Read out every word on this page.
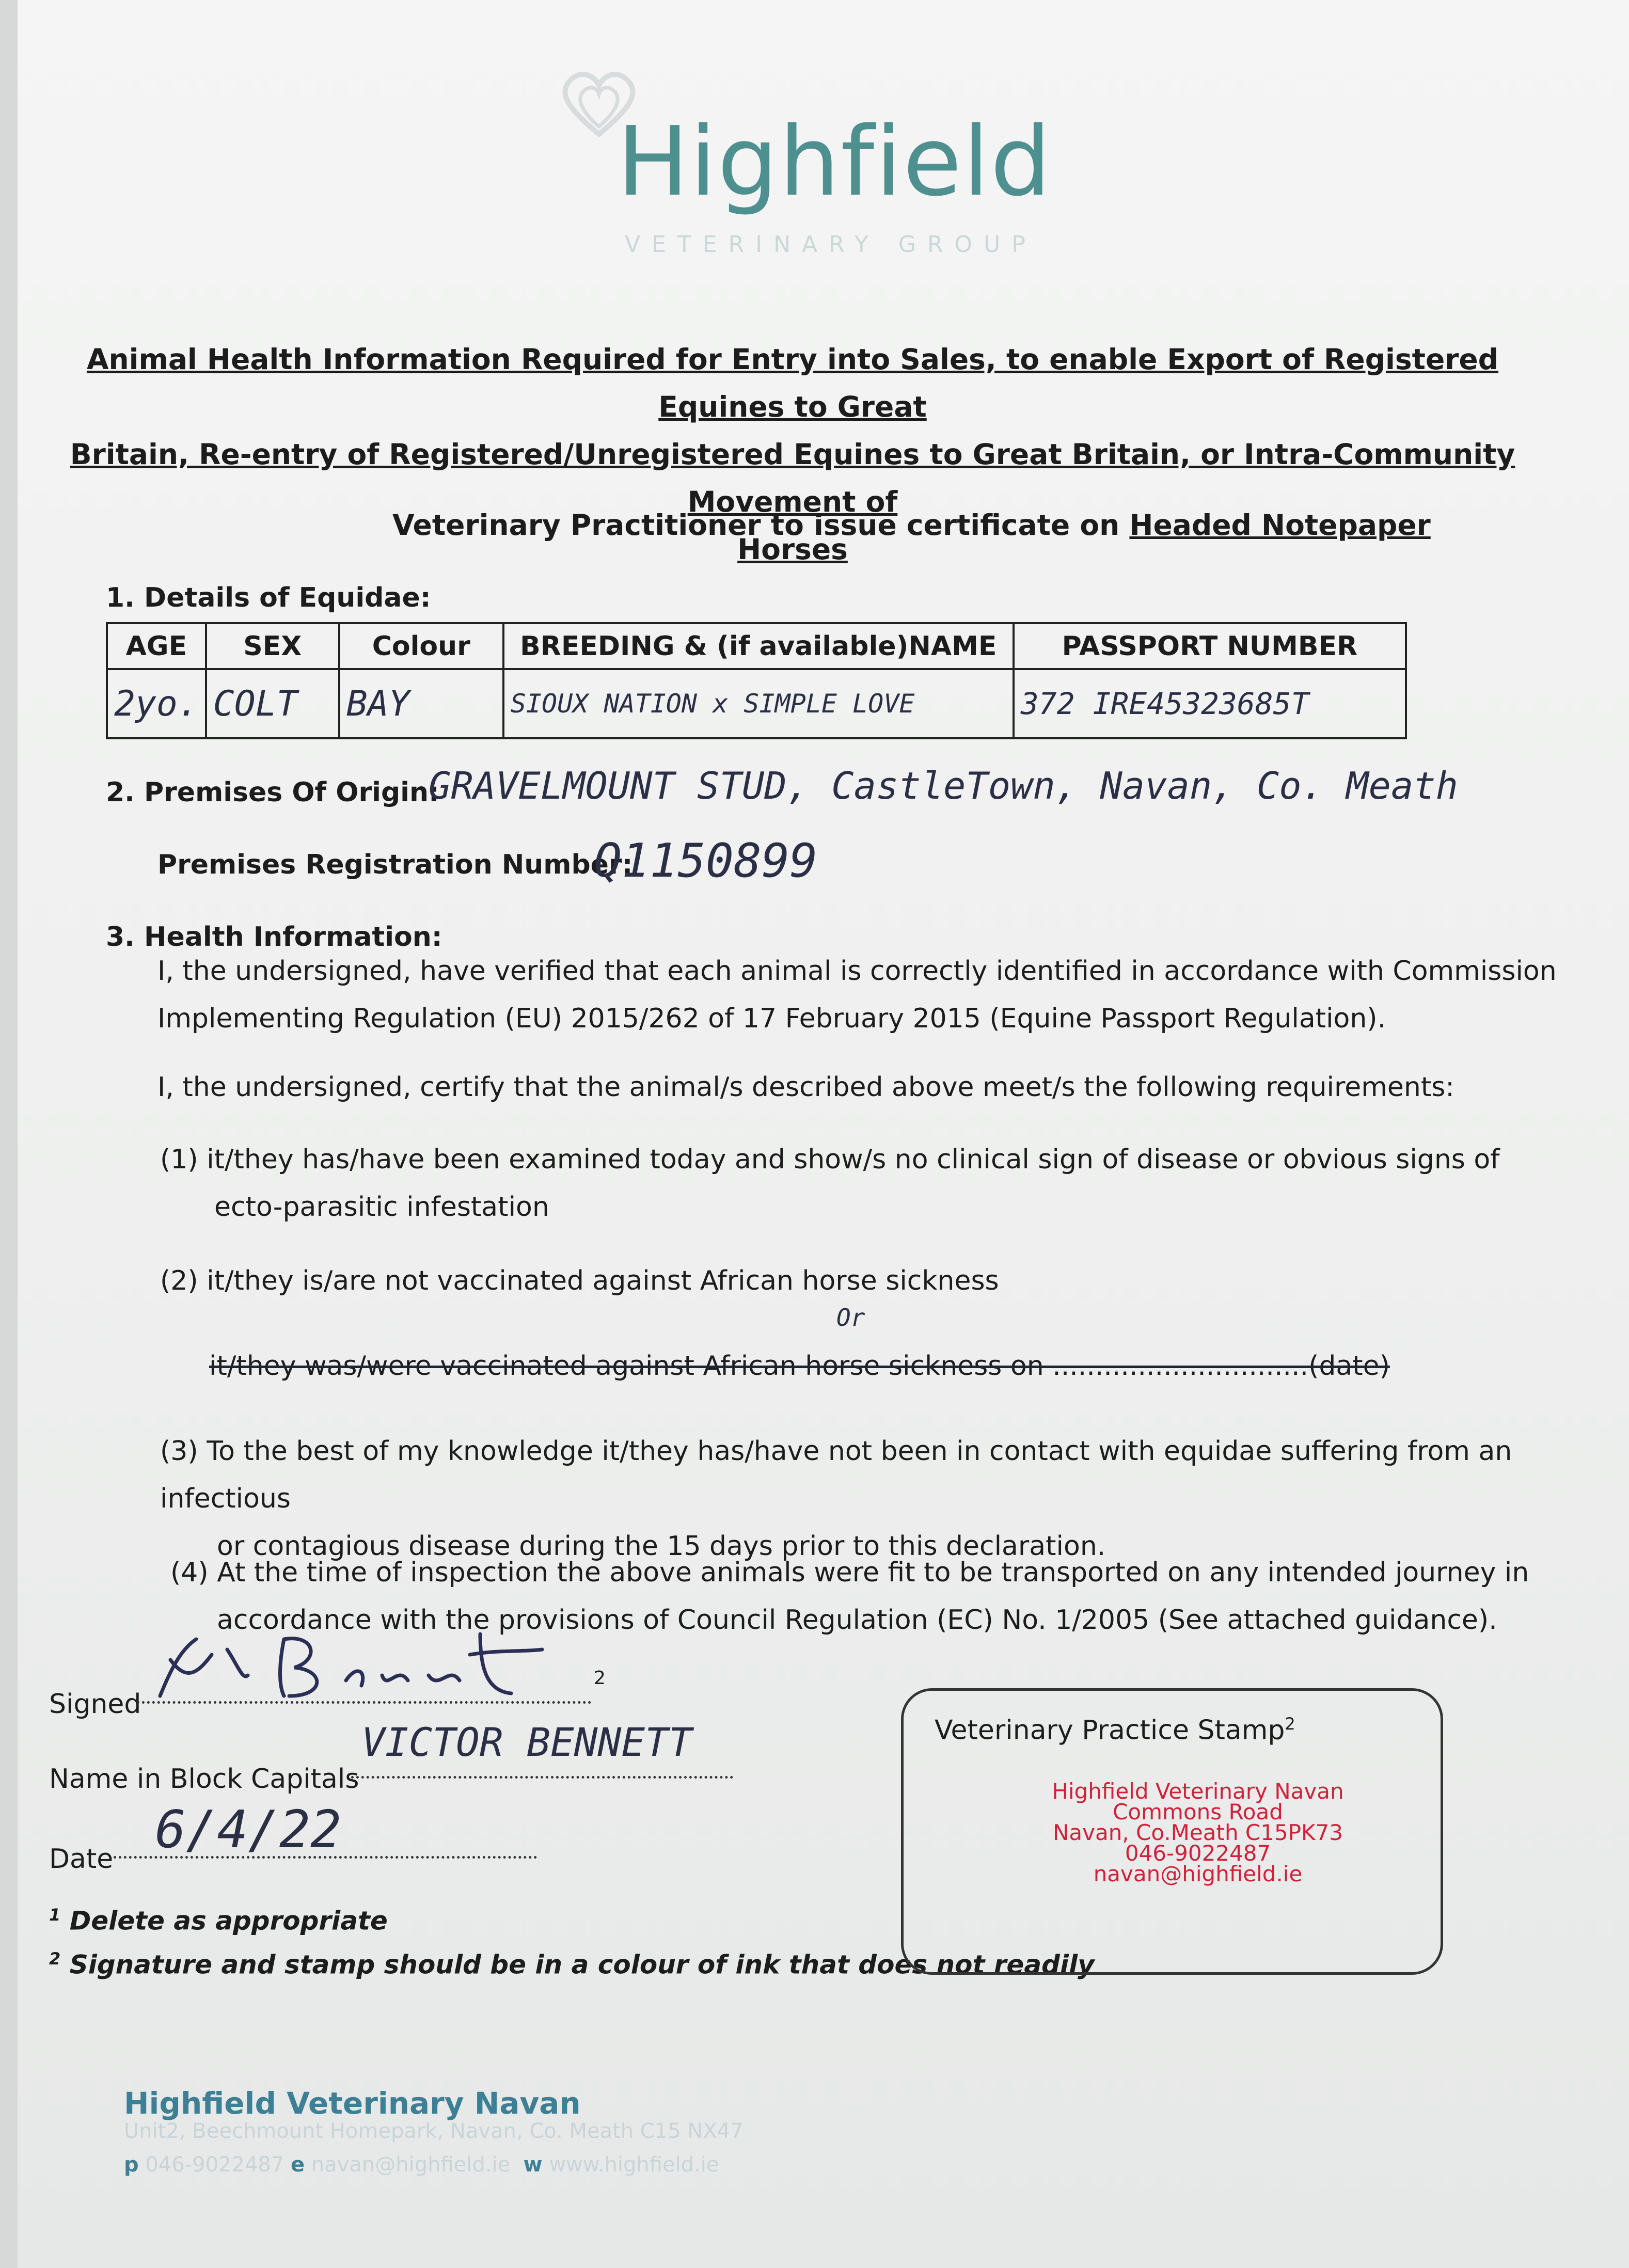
Highfield
VETERINARY GROUP
Animal Health Information Required for Entry into Sales, to enable Export of Registered Equines to Great
Britain, Re-entry of Registered/Unregistered Equines to Great Britain, or Intra-Community Movement of
Horses
Veterinary Practitioner to issue certificate on Headed Notepaper
1. Details of Equidae:
AGE	SEX	Colour	BREEDING & (if available)NAME	PASSPORT NUMBER
2yo.	COLT	BAY	SIOUX NATION x SIMPLE LOVE	372 IRE45323685T
2. Premises Of Origin:
GRAVELMOUNT STUD, CastleTown, Navan, Co. Meath
Premises Registration Number:
Q1150899
3. Health Information:
I, the undersigned, have verified that each animal is correctly identified in accordance with Commission
Implementing Regulation (EU) 2015/262 of 17 February 2015 (Equine Passport Regulation).
I, the undersigned, certify that the animal/s described above meet/s the following requirements:
(1) it/they has/have been examined today and show/s no clinical sign of disease or obvious signs of
ecto-parasitic infestation
(2) it/they is/are not vaccinated against African horse sickness
Or
it/they was/were vaccinated against African horse sickness on ..............................(date)
(3) To the best of my knowledge it/they has/have not been in contact with equidae suffering from an infectious
or contagious disease during the 15 days prior to this declaration.
(4) At the time of inspection the above animals were fit to be transported on any intended journey in
accordance with the provisions of Council Regulation (EC) No. 1/2005 (See attached guidance).
Signed
2
Victor Bennett
Name in Block Capitals
VICTOR BENNETT
Date 6/4/22
$^1$ Delete as appropriate
$^2$ Signature and stamp should be in a colour of ink that does not readily
Veterinary Practice Stamp$^2$
Highfield Veterinary Navan
Commons Road
Navan, Co.Meath C15PK73
046-9022487
navan@highfield.ie
Highfield Veterinary Navan
Unit2, Beechmount Homepark, Navan, Co. Meath C15 NX47
p 046-9022487 e navan@highfield.ie w www.highfield.ie
